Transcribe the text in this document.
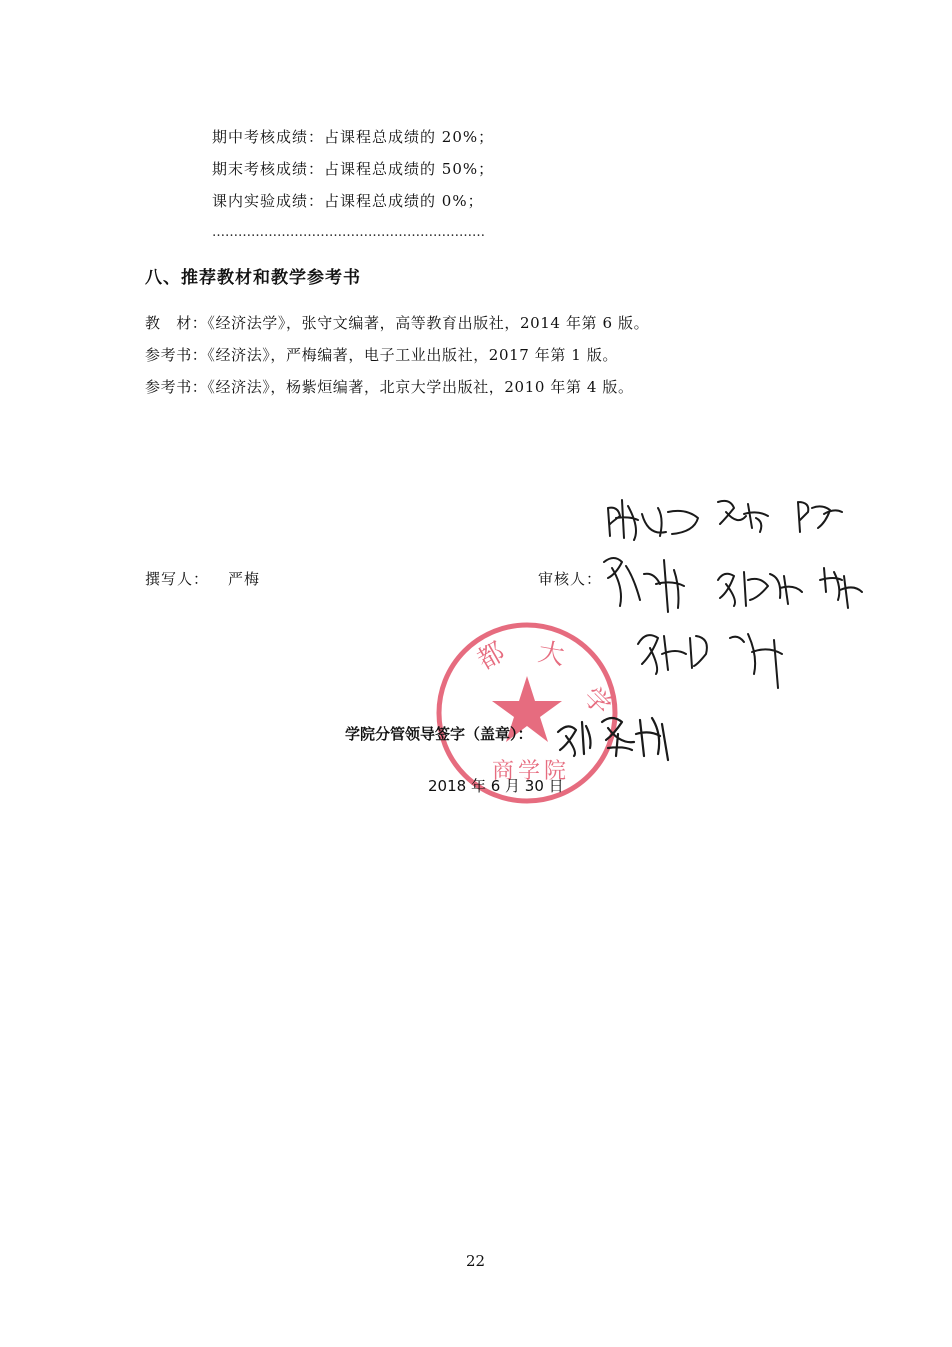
期中考核成绩：占课程总成绩的 20%；
期末考核成绩：占课程总成绩的 50%；
课内实验成绩：占课程总成绩的 0%；
………………………………………………………
八、推荐教材和教学参考书
教　材：《经济法学》，张守文编著，高等教育出版社，2014 年第 6 版。
参考书：《经济法》，严梅编著，电子工业出版社，2017 年第 1 版。
参考书：《经济法》，杨紫烜编著，北京大学出版社，2010 年第 4 版。
撰写人： 严梅	审核人：
都 大
学
商 学 院
学院分管领导签字（盖章）：
2018 年 6 月 30 日
22
